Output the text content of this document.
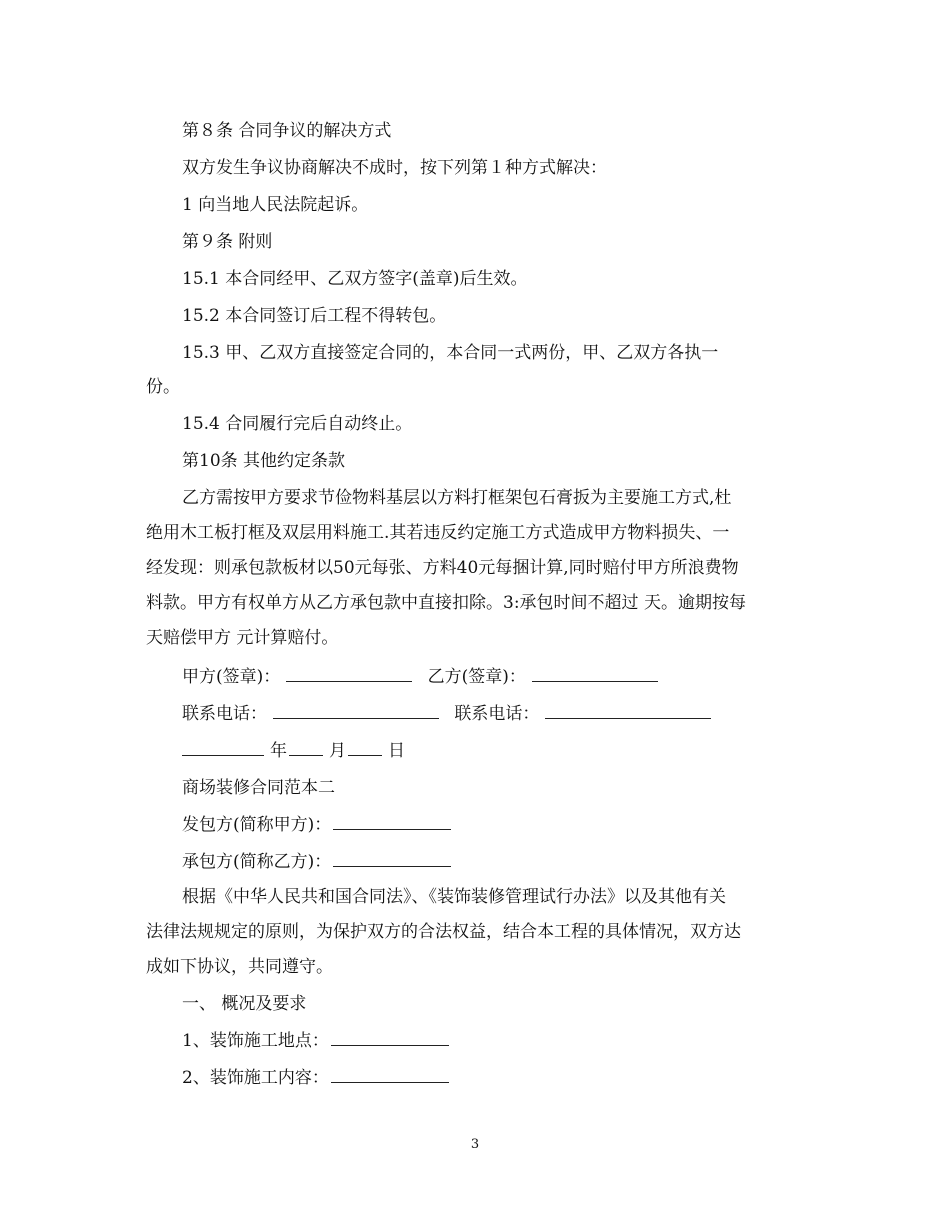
第８条 合同争议的解决方式
双方发生争议协商解决不成时，按下列第１种方式解决：
1 向当地人民法院起诉。
第９条 附则
15.1 本合同经甲、乙双方签字(盖章)后生效。
15.2 本合同签订后工程不得转包。
15.3 甲、乙双方直接签定合同的，本合同一式两份，甲、乙双方各执一
份。
15.4 合同履行完后自动终止。
第10条 其他约定条款
乙方需按甲方要求节俭物料基层以方料打框架包石膏扳为主要施工方式,杜
绝用木工板打框及双层用料施工.其若违反约定施工方式造成甲方物料损失、一
经发现：则承包款板材以50元每张、方料40元每捆计算,同时赔付甲方所浪费物
料款。甲方有权单方从乙方承包款中直接扣除。3:承包时间不超过 天。逾期按每
天赔偿甲方 元计算赔付。
甲方(签章)：	乙方(签章)：
联系电话：	联系电话：
年 月 日
商场装修合同范本二
发包方(简称甲方)：
承包方(简称乙方)：
根据《中华人民共和国合同法》、《装饰装修管理试行办法》以及其他有关
法律法规规定的原则，为保护双方的合法权益，结合本工程的具体情况，双方达
成如下协议，共同遵守。
一、 概况及要求
1、装饰施工地点：
2、装饰施工内容：
3
